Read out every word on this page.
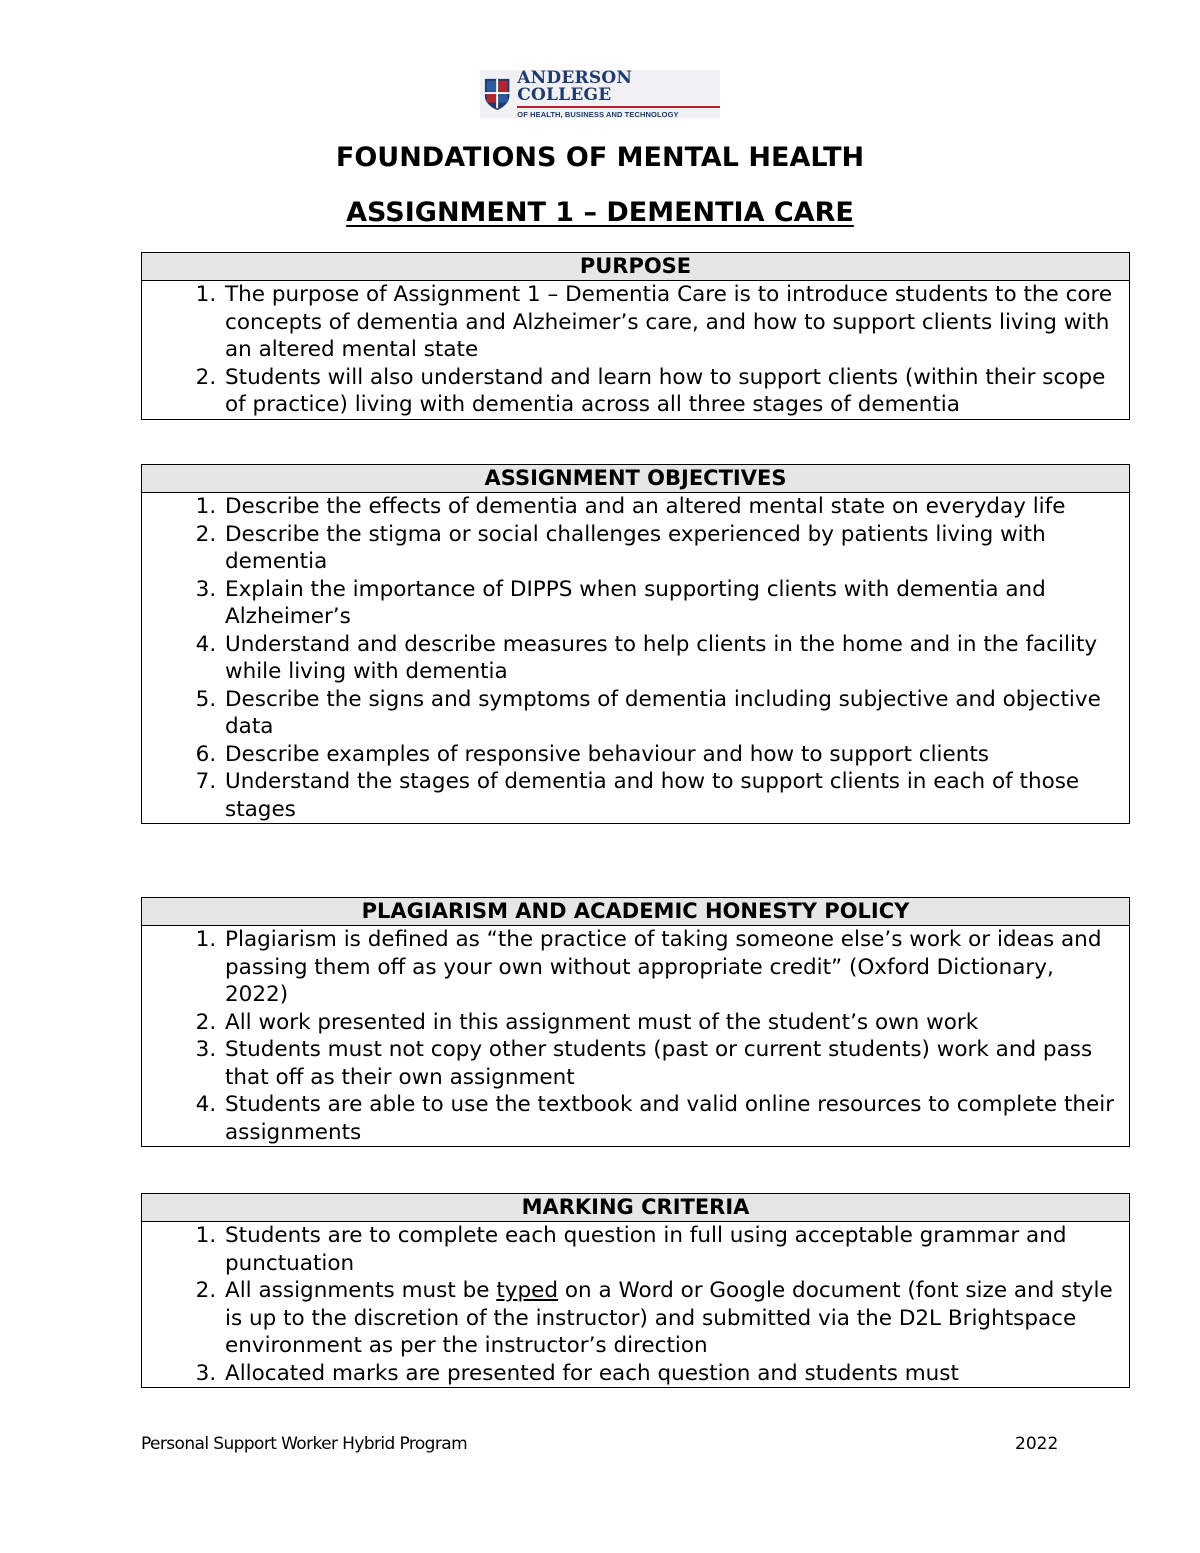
ANDERSON COLLEGE
OF HEALTH, BUSINESS AND TECHNOLOGY
FOUNDATIONS OF MENTAL HEALTH
ASSIGNMENT 1 – DEMENTIA CARE
PURPOSE
1. The purpose of Assignment 1 – Dementia Care is to introduce students to the core concepts of dementia and Alzheimer’s care, and how to support clients living with an altered mental state
2. Students will also understand and learn how to support clients (within their scope of practice) living with dementia across all three stages of dementia
ASSIGNMENT OBJECTIVES
1. Describe the effects of dementia and an altered mental state on everyday life
2. Describe the stigma or social challenges experienced by patients living with dementia
3. Explain the importance of DIPPS when supporting clients with dementia and Alzheimer’s
4. Understand and describe measures to help clients in the home and in the facility while living with dementia
5. Describe the signs and symptoms of dementia including subjective and objective data
6. Describe examples of responsive behaviour and how to support clients
7. Understand the stages of dementia and how to support clients in each of those stages
PLAGIARISM AND ACADEMIC HONESTY POLICY
1. Plagiarism is defined as “the practice of taking someone else’s work or ideas and passing them off as your own without appropriate credit” (Oxford Dictionary, 2022)
2. All work presented in this assignment must of the student’s own work
3. Students must not copy other students (past or current students) work and pass that off as their own assignment
4. Students are able to use the textbook and valid online resources to complete their assignments
MARKING CRITERIA
1. Students are to complete each question in full using acceptable grammar and punctuation
2. All assignments must be typed on a Word or Google document (font size and style is up to the discretion of the instructor) and submitted via the D2L Brightspace environment as per the instructor’s direction
3. Allocated marks are presented for each question and students must
Personal Support Worker Hybrid Program	2022
